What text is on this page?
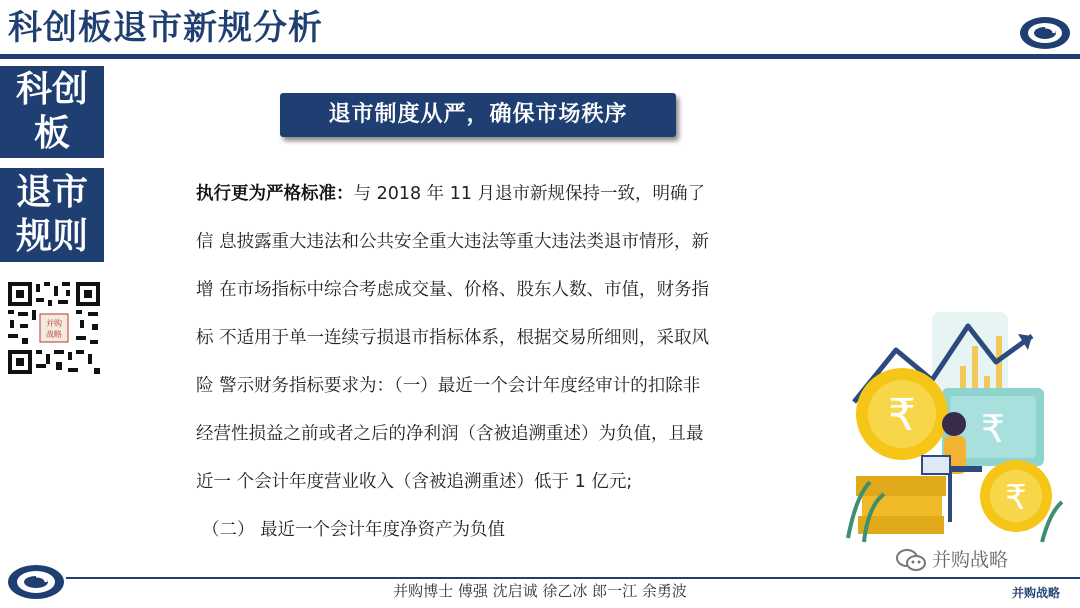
科创板退市新规分析
科创
板
退市
规则
并购
战略
退市制度从严，确保市场秩序
执行更为严格标准：与 2018 年 11 月退市新规保持一致，明确了
信 息披露重大违法和公共安全重大违法等重大违法类退市情形，新
增 在市场指标中综合考虑成交量、价格、股东人数、市值，财务指
标 不适用于单一连续亏损退市指标体系，根据交易所细则，采取风
险 警示财务指标要求为：（一）最近一个会计年度经审计的扣除非
经营性损益之前或者之后的净利润（含被追溯重述）为负值，且最
近一 个会计年度营业收入（含被追溯重述）低于 1 亿元;
（二） 最近一个会计年度净资产为负值
₹
₹
₹
并购战略
并购博士 傅强 沈启诚 徐乙冰 郎一江 余勇波	并购战略
